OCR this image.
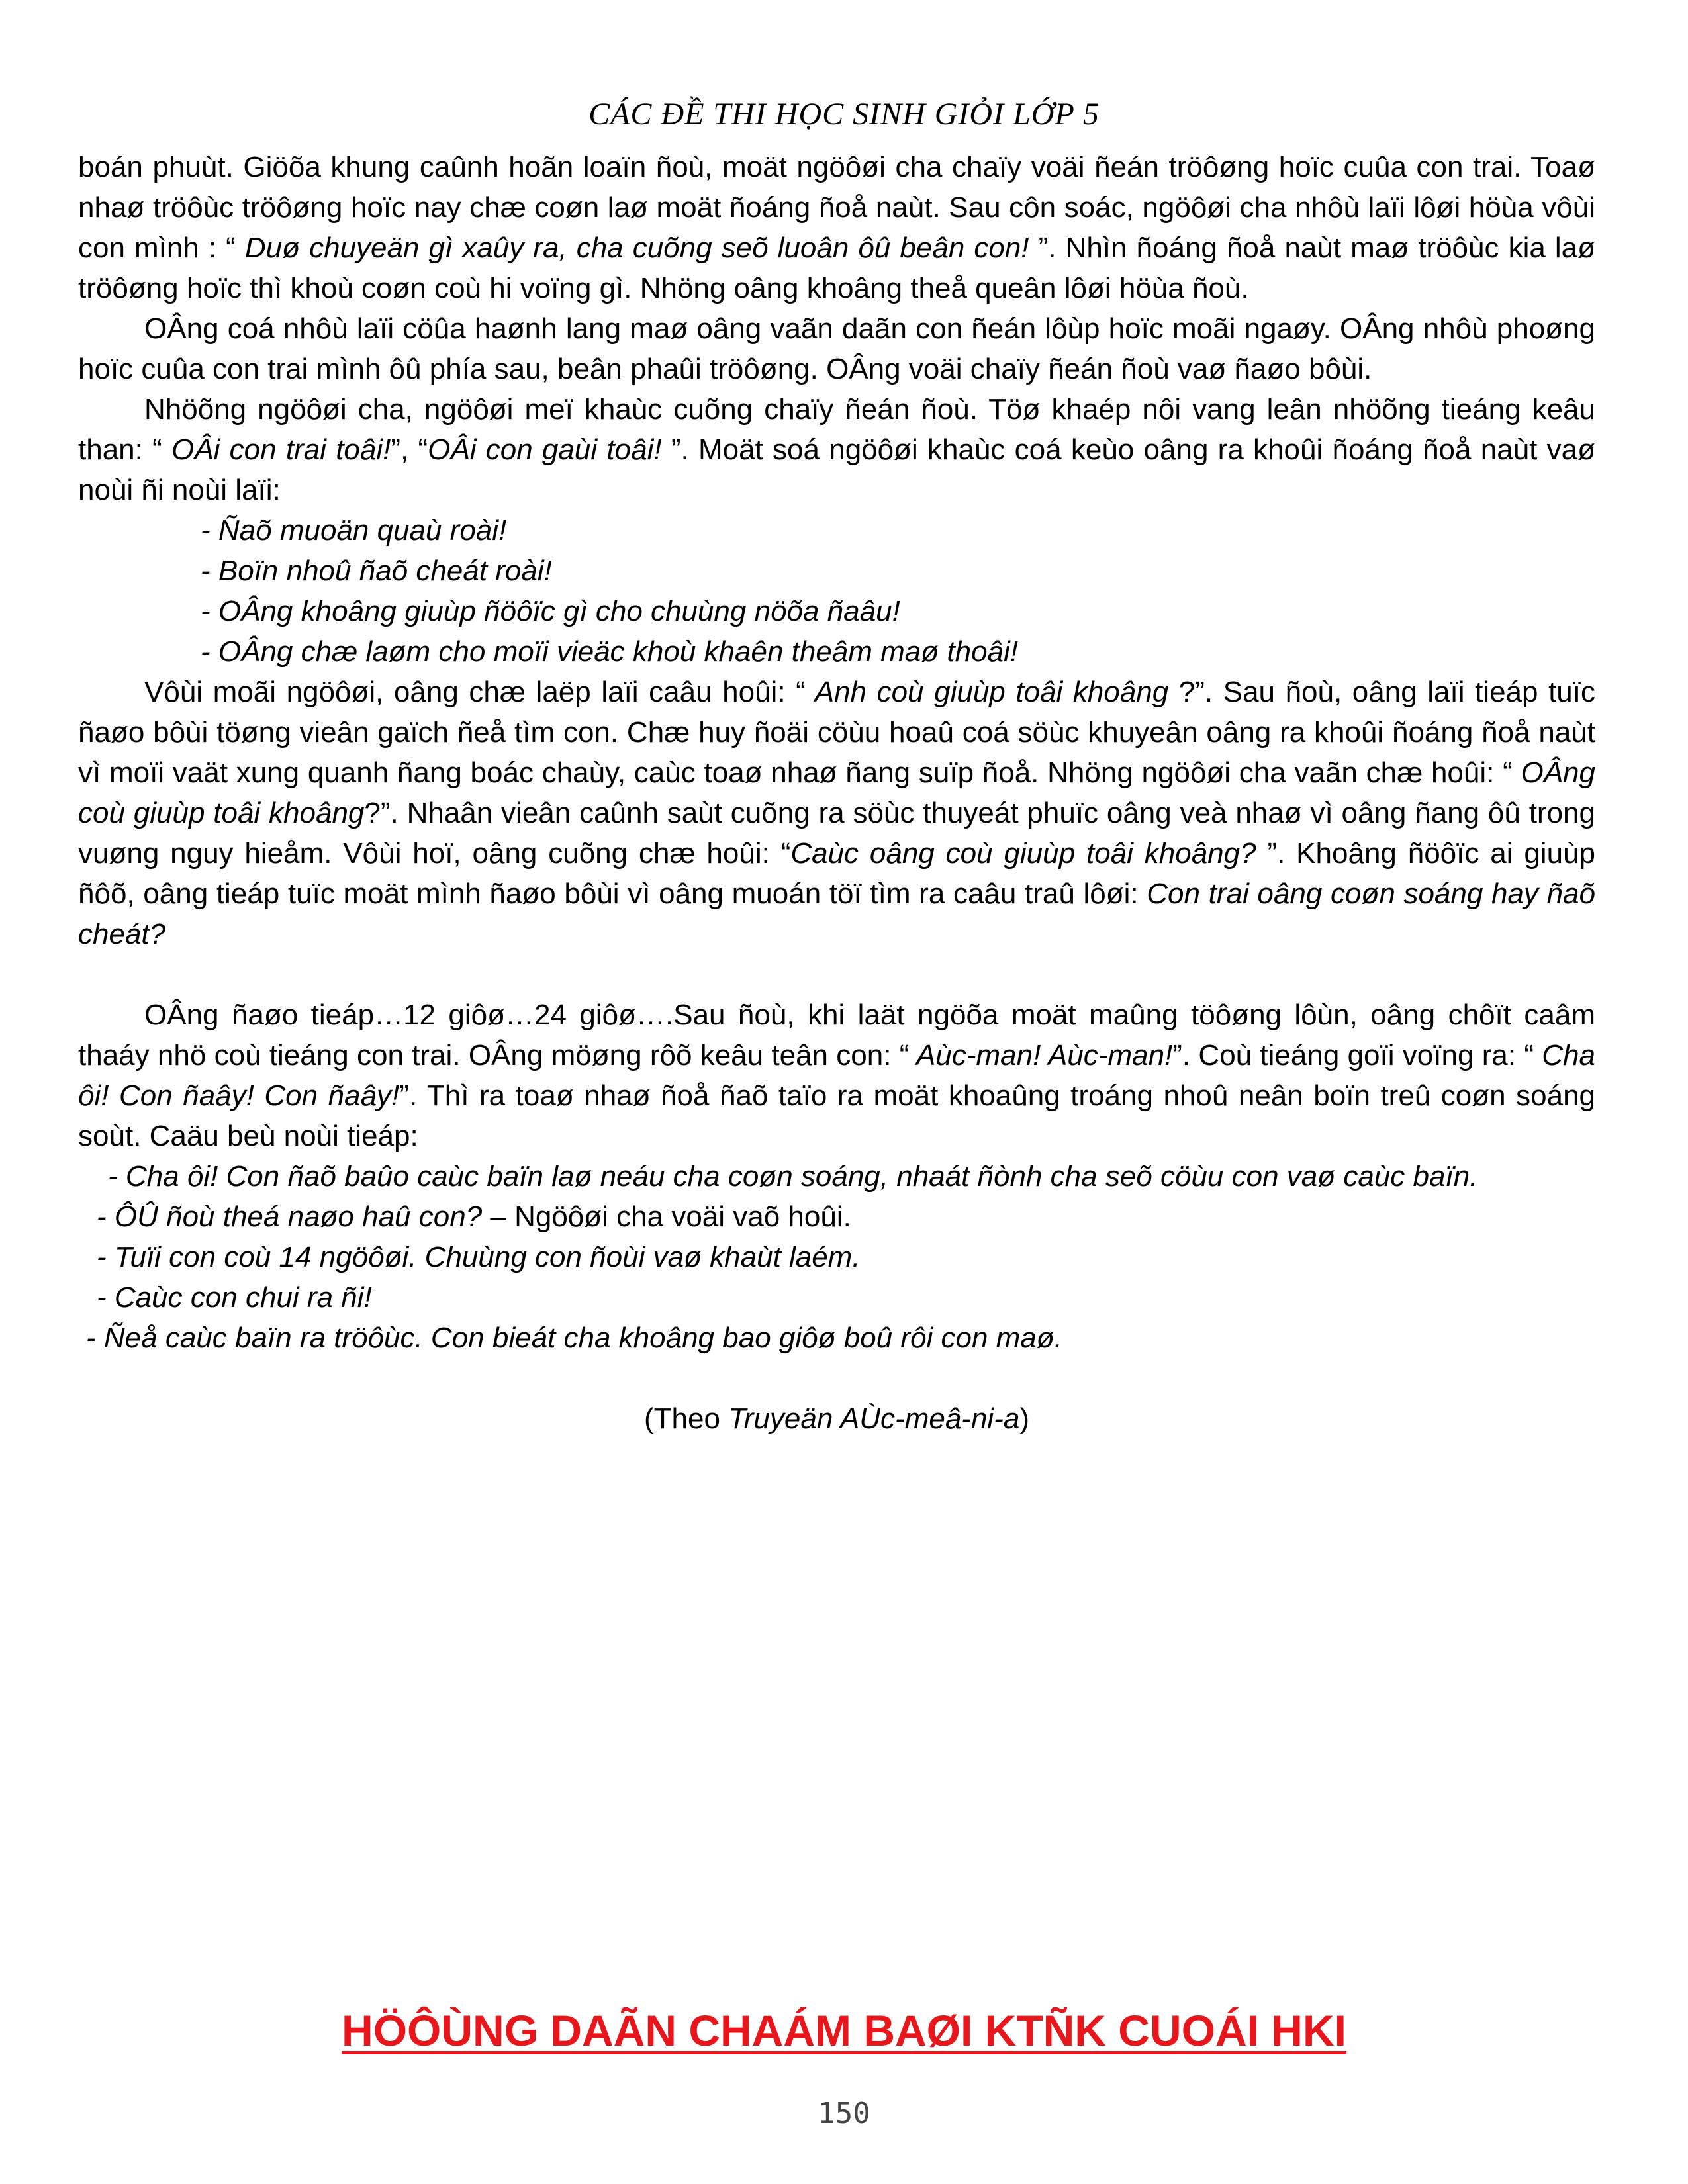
CÁC ĐỀ THI HỌC SINH GIỎI LỚP 5

boán phuùt. Giöõa khung caûnh hoãn loaïn ñoù, moät ngöôøi cha chaïy voäi ñeán tröôøng hoïc cuûa con trai. Toaø nhaø tröôùc tröôøng hoïc nay chæ coøn laø moät ñoáng ñoå naùt. Sau côn soác, ngöôøi cha nhôù laïi lôøi höùa vôùi con mình : “ Duø chuyeän gì xaûy ra, cha cuõng seõ luoân ôû beân con! ”. Nhìn ñoáng ñoå naùt maø tröôùc kia laø tröôøng hoïc thì khoù coøn coù hi voïng gì. Nhöng oâng khoâng theå queân lôøi höùa ñoù.

OÂng coá nhôù laïi cöûa haønh lang maø oâng vaãn daãn con ñeán lôùp hoïc moãi ngaøy. OÂng nhôù phoøng hoïc cuûa con trai mình ôû phía sau, beân phaûi tröôøng. OÂng voäi chaïy ñeán ñoù vaø ñaøo bôùi.

Nhöõng ngöôøi cha, ngöôøi meï khaùc cuõng chaïy ñeán ñoù. Töø khaép nôi vang leân nhöõng tieáng keâu than: “ OÂi con trai toâi!”, “OÂi con gaùi toâi! ”. Moät soá ngöôøi khaùc coá keùo oâng ra khoûi ñoáng ñoå naùt vaø noùi ñi noùi laïi:

- Ñaõ muoän quaù roài!

- Boïn nhoû ñaõ cheát roài!

- OÂng khoâng giuùp ñöôïc gì cho chuùng nöõa ñaâu!

- OÂng chæ laøm cho moïi vieäc khoù khaên theâm maø thoâi!

Vôùi moãi ngöôøi, oâng chæ laëp laïi caâu hoûi: “ Anh coù giuùp toâi khoâng ?”. Sau ñoù, oâng laïi tieáp tuïc ñaøo bôùi töøng vieân gaïch ñeå tìm con. Chæ huy ñoäi cöùu hoaû coá söùc khuyeân oâng ra khoûi ñoáng ñoå naùt vì moïi vaät xung quanh ñang boác chaùy, caùc toaø nhaø ñang suïp ñoå. Nhöng ngöôøi cha vaãn chæ hoûi: “ OÂng coù giuùp toâi khoâng?”. Nhaân vieân caûnh saùt cuõng ra söùc thuyeát phuïc oâng veà nhaø vì oâng ñang ôû trong vuøng nguy hieåm. Vôùi hoï, oâng cuõng chæ hoûi: “Caùc oâng coù giuùp toâi khoâng? ”. Khoâng ñöôïc ai giuùp ñôõ, oâng tieáp tuïc moät mình ñaøo bôùi vì oâng muoán töï tìm ra caâu traû lôøi: Con trai oâng coøn soáng hay ñaõ cheát?

OÂng ñaøo tieáp…12 giôø…24 giôø….Sau ñoù, khi laät ngöõa moät maûng töôøng lôùn, oâng chôït caâm thaáy nhö coù tieáng con trai. OÂng möøng rôõ keâu teân con: “ Aùc-man! Aùc-man!”. Coù tieáng goïi voïng ra: “ Cha ôi! Con ñaây! Con ñaây!”. Thì ra toaø nhaø ñoå ñaõ taïo ra moät khoaûng troáng nhoû neân boïn treû coøn soáng soùt. Caäu beù noùi tieáp:

- Cha ôi! Con ñaõ baûo caùc baïn laø neáu cha coøn soáng, nhaát ñònh cha seõ cöùu con vaø caùc baïn.

- ÔÛ ñoù theá naøo haû con? – Ngöôøi cha voäi vaõ hoûi.

- Tuïi con coù 14 ngöôøi. Chuùng con ñoùi vaø khaùt laém.

- Caùc con chui ra ñi!

- Ñeå caùc baïn ra tröôùc. Con bieát cha khoâng bao giôø boû rôi con maø.

(Theo Truyeän AÙc-meâ-ni-a)

HÖÔÙNG DAÃN CHAÁM BAØI KTÑK CUOÁI HKI
150
